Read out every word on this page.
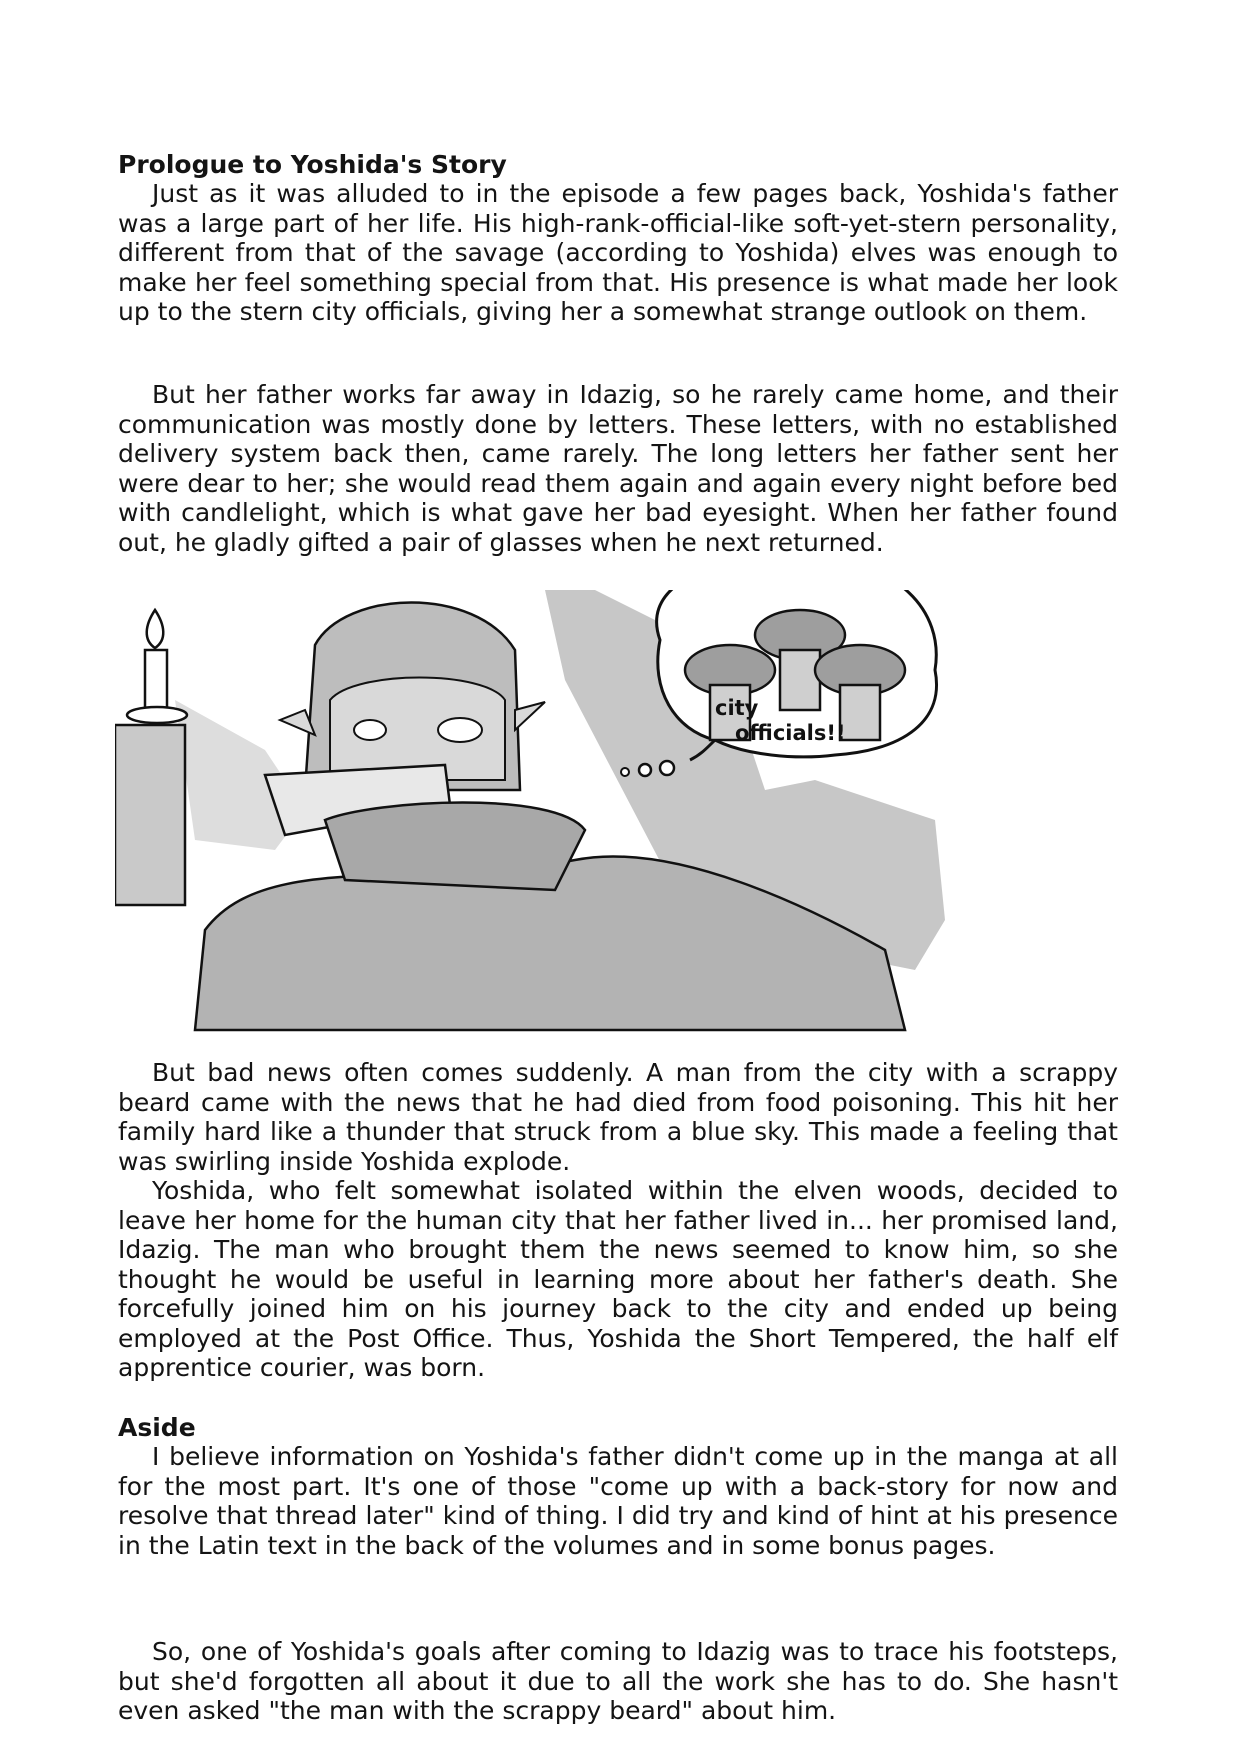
Prologue to Yoshida's Story

Just as it was alluded to in the episode a few pages back, Yoshida's father was a large part of her life. His high-rank-official-like soft-yet-stern personality, different from that of the savage (according to Yoshida) elves was enough to make her feel something special from that. His presence is what made her look up to the stern city officials, giving her a somewhat strange outlook on them.

But her father works far away in Idazig, so he rarely came home, and their communication was mostly done by letters. These letters, with no established delivery system back then, came rarely. The long letters her father sent her were dear to her; she would read them again and again every night before bed with candlelight, which is what gave her bad eyesight. When her father found out, he gladly gifted a pair of glasses when he next returned.

city
officials!!

But bad news often comes suddenly. A man from the city with a scrappy beard came with the news that he had died from food poisoning. This hit her family hard like a thunder that struck from a blue sky. This made a feeling that was swirling inside Yoshida explode.

Yoshida, who felt somewhat isolated within the elven woods, decided to leave her home for the human city that her father lived in... her promised land, Idazig. The man who brought them the news seemed to know him, so she thought he would be useful in learning more about her father's death. She forcefully joined him on his journey back to the city and ended up being employed at the Post Office. Thus, Yoshida the Short Tempered, the half elf apprentice courier, was born.

Aside

I believe information on Yoshida's father didn't come up in the manga at all for the most part. It's one of those "come up with a back-story for now and resolve that thread later" kind of thing. I did try and kind of hint at his presence in the Latin text in the back of the volumes and in some bonus pages.

So, one of Yoshida's goals after coming to Idazig was to trace his footsteps, but she'd forgotten all about it due to all the work she has to do. She hasn't even asked "the man with the scrappy beard" about him.
